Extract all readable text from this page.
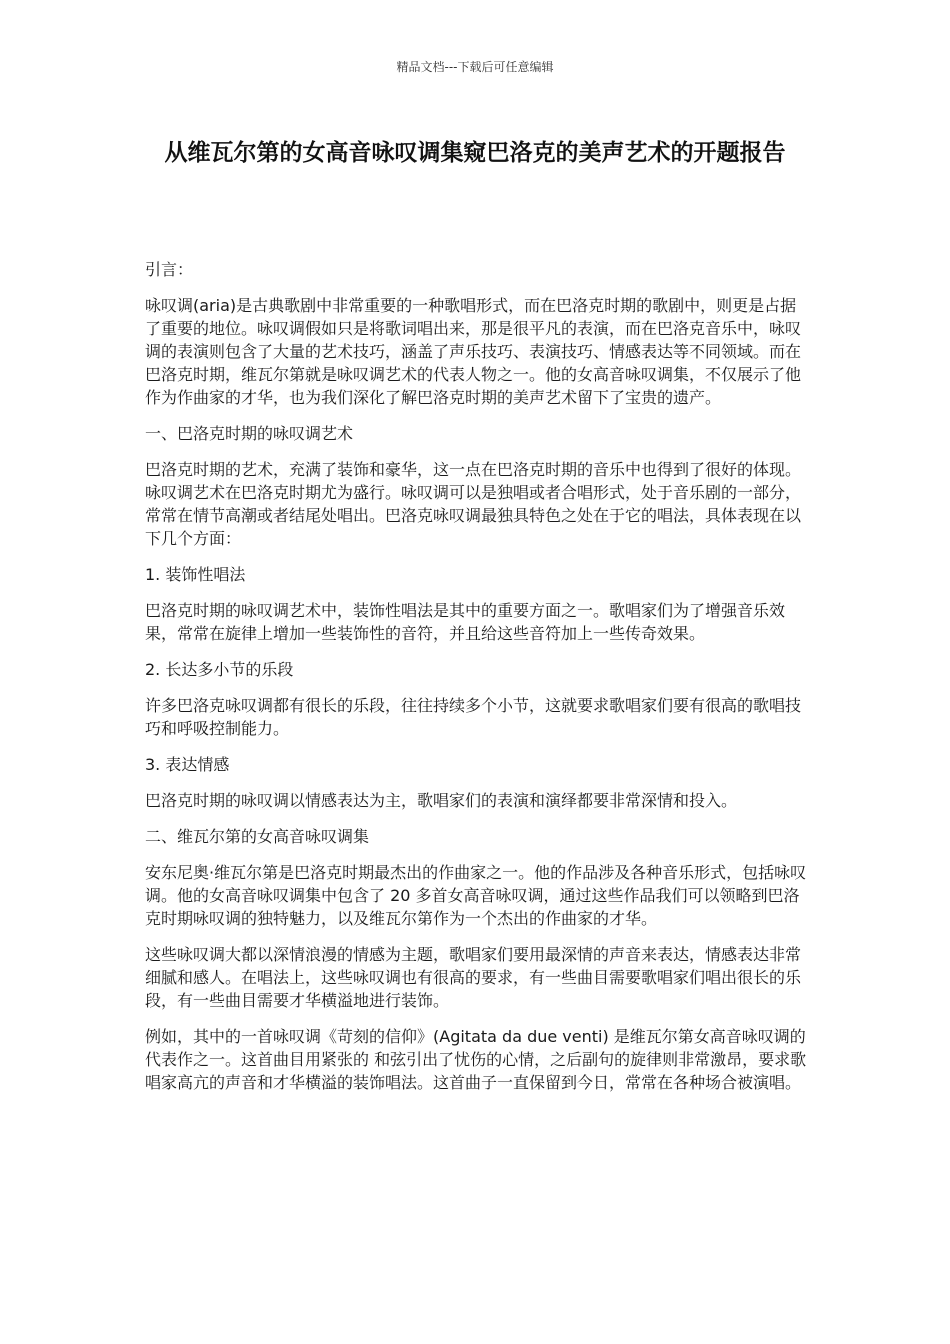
精品文档---下载后可任意编辑
从维瓦尔第的女高音咏叹调集窥巴洛克的美声艺术的开题报告

引言：

咏叹调(aria)是古典歌剧中非常重要的一种歌唱形式，而在巴洛克时期的歌剧中，则更是占据了重要的地位。咏叹调假如只是将歌词唱出来，那是很平凡的表演，而在巴洛克音乐中，咏叹调的表演则包含了大量的艺术技巧，涵盖了声乐技巧、表演技巧、情感表达等不同领域。而在巴洛克时期，维瓦尔第就是咏叹调艺术的代表人物之一。他的女高音咏叹调集，不仅展示了他作为作曲家的才华，也为我们深化了解巴洛克时期的美声艺术留下了宝贵的遗产。

一、巴洛克时期的咏叹调艺术

巴洛克时期的艺术，充满了装饰和豪华，这一点在巴洛克时期的音乐中也得到了很好的体现。咏叹调艺术在巴洛克时期尤为盛行。咏叹调可以是独唱或者合唱形式，处于音乐剧的一部分，常常在情节高潮或者结尾处唱出。巴洛克咏叹调最独具特色之处在于它的唱法，具体表现在以下几个方面：

1. 装饰性唱法

巴洛克时期的咏叹调艺术中，装饰性唱法是其中的重要方面之一。歌唱家们为了增强音乐效果，常常在旋律上增加一些装饰性的音符，并且给这些音符加上一些传奇效果。

2. 长达多小节的乐段

许多巴洛克咏叹调都有很长的乐段，往往持续多个小节，这就要求歌唱家们要有很高的歌唱技巧和呼吸控制能力。

3. 表达情感

巴洛克时期的咏叹调以情感表达为主，歌唱家们的表演和演绎都要非常深情和投入。

二、维瓦尔第的女高音咏叹调集

安东尼奥·维瓦尔第是巴洛克时期最杰出的作曲家之一。他的作品涉及各种音乐形式，包括咏叹调。他的女高音咏叹调集中包含了 20 多首女高音咏叹调，通过这些作品我们可以领略到巴洛克时期咏叹调的独特魅力，以及维瓦尔第作为一个杰出的作曲家的才华。

这些咏叹调大都以深情浪漫的情感为主题，歌唱家们要用最深情的声音来表达，情感表达非常细腻和感人。在唱法上，这些咏叹调也有很高的要求，有一些曲目需要歌唱家们唱出很长的乐段，有一些曲目需要才华横溢地进行装饰。

例如，其中的一首咏叹调《苛刻的信仰》(Agitata da due venti) 是维瓦尔第女高音咏叹调的代表作之一。这首曲目用紧张的 和弦引出了忧伤的心情，之后副句的旋律则非常激昂，要求歌唱家高亢的声音和才华横溢的装饰唱法。这首曲子一直保留到今日，常常在各种场合被演唱。
